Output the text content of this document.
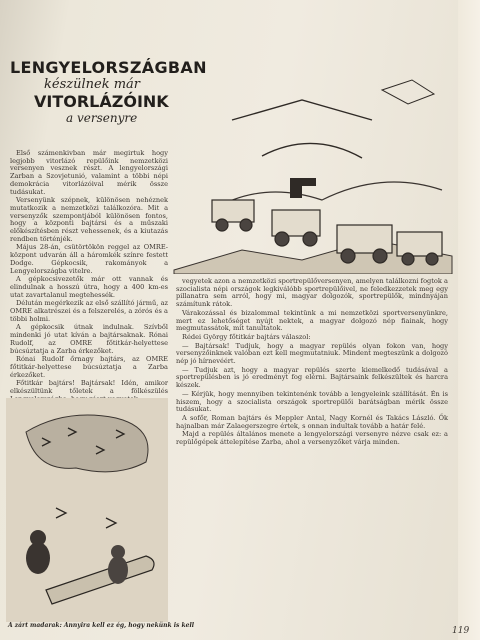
LENGYELORSZÁGBAN
készülnek már
VITORLÁZÓINK
a versenyre

Első számenkivban már megirtuk hogy legjobb vitorlázó repülőink nemzetközi versenyen vesznek részt. A lengyelországi Zarban a Szovjetunió, valamint a többi népi demokrácia vitorlázóival mérik össze tudásukat.

Versenyünk szépnek, különösen nehéznek mutatkozik a nemzetközi találkozóra. Mit a versenyzők szempontjából különösen fontos, hogy a központi bajtársi és a műszaki előkészítésben részt vehessenek, és a kiutazás rendben történjék.

Május 28-án, csütörtökön reggel az OMRE-központ udvarán áll a háromkék színre festett Dodge. Gépkocsik, rakományok a Lengyelországba vitelre.

A gépkocsivezetők már ott vannak és elindulnak a hosszú útra, hogy a 400 km-es utat zavartalanul megtehessék.

Délután megérkezik az első szállító jármű, az OMRE alkatrészei és a felszerelés, a zórós és a többi holmi.

A gépkocsik útnak indulnak. Szívből mindenki jó utat kíván a bajtársaknak. Rónai Rudolf, az OMRE főtitkár-helyettese búcsúztatja a Zarba érkezőket.

Rónai Rudolf őrnagy bajtárs, az OMRE főtitkár-helyettese búcsúztatja a Zarba érkezőket.

Főtitkár bajtárs! Bajtársak! Idén, amikor elkészültünk tőletek a fölkészülés

vegyetek azon a nemzetközi sportrepülőversenyen, amelyen találkozni fogtok a szocialista népi országok legkiválóbb sportrepülőivel, ne feledkezzetek meg egy pillanatra sem arról, hogy mi, magyar dolgozók, sportrepülők, mindnyájan számítunk rátok.

Várakozással és bizalommal tekintünk a mi nemzetközi sportversenyünkre, mert ez lehetőséget nyújt nektek, a magyar dolgozó nép fiainak, hogy megmutassátok, mit tanultatok.

Rédei György főtitkár bajtárs válaszol:

— Bajtársak! Tudjuk, hogy a magyar repülés olyan fokon van, hogy versenyzőinknek valóban ezt kell megmutatniuk. Mindent megteszünk a dolgozó nép jó hírnevéért.

— Tudjuk azt, hogy a magyar repülés szerte kiemelkedő tudásával a sportrepülésben is jó eredményt fog elérni. Bajtársaink felkészültek és harcra készek.

— Kérjük, hogy mennyiben tekintenénk tovább a lengyeleink szállítását. Én is hiszem, hogy a szocialista országok sportrepülői barátságban mérik össze tudásukat.

A sofőr, Roman bajtárs és Meppler Antal, Nagy Kornél és Takács László. Ők hajnalban már Zalaegerszegre értek, s onnan indultak tovább a határ felé.

Majd a repülés általános menete a lengyelországi versenyre nézve csak ez: a repülőgépek áttelepítése Zarba, ahol a versenyzőket várja minden.

A zárt madarak: Annyira kell ez ég, hogy nekünk is kell
119
